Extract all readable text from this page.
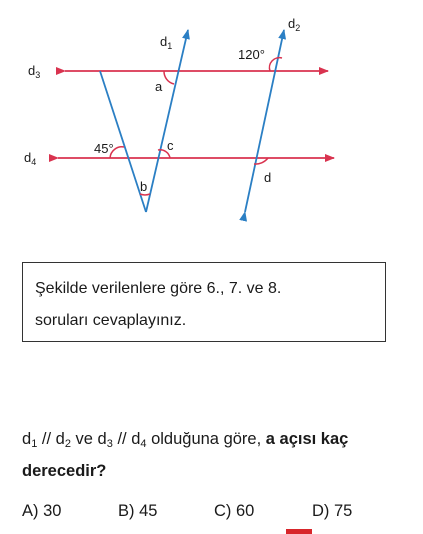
$d_1$
$d_2$
$d_3$
$d_4$
a
b
c
d
120°
45°
Şekilde verilenlere göre 6., 7. ve 8.
soruları cevaplayınız.
$d_1 // d_2$ ve $d_3 // d_4$ olduğuna göre, a açısı kaç derecedir?
A) 30	B) 45	C) 60	D) 75
